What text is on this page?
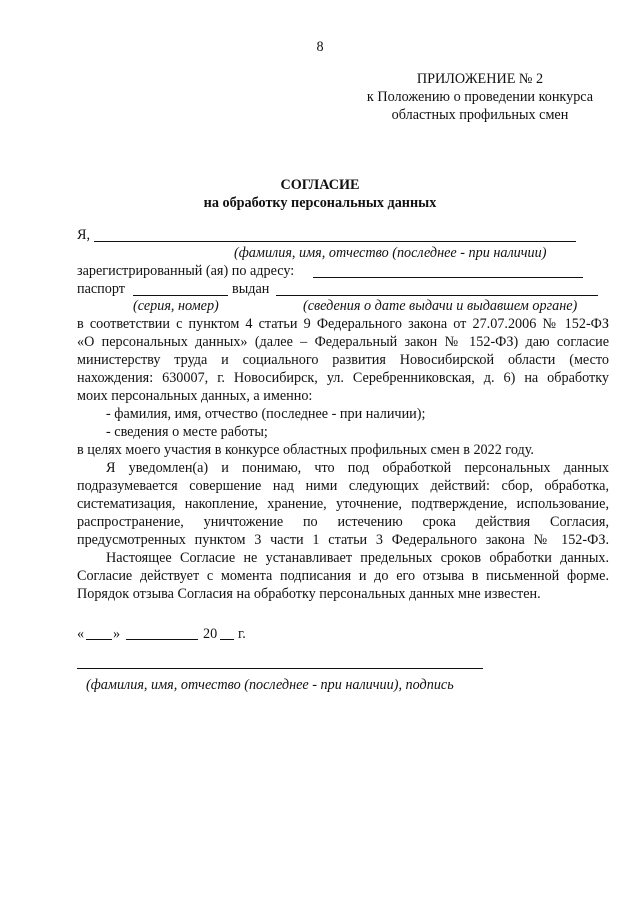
8
ПРИЛОЖЕНИЕ № 2
к Положению о проведении конкурса
областных профильных смен
СОГЛАСИЕ
на обработку персональных данных
Я,
(фамилия, имя, отчество (последнее - при наличии)
зарегистрированный (ая) по адресу:
паспорт	выдан
(серия, номер)	(сведения о дате выдачи и выдавшем органе)
в соответствии с пунктом 4 статьи 9 Федерального закона от 27.07.2006 № 152-ФЗ
«О персональных данных» (далее – Федеральный закон № 152-ФЗ) даю согласие
министерству труда и социального развития Новосибирской области (место
нахождения: 630007, г. Новосибирск, ул. Серебренниковская, д. 6) на обработку
моих персональных данных, а именно:
- фамилия, имя, отчество (последнее - при наличии);
- сведения о месте работы;
в целях моего участия в конкурсе областных профильных смен в 2022 году.
Я уведомлен(а) и понимаю, что под обработкой персональных данных
подразумевается совершение над ними следующих действий: сбор, обработка,
систематизация, накопление, хранение, уточнение, подтверждение, использование,
распространение, уничтожение по истечению срока действия Согласия,
предусмотренных пунктом 3 части 1 статьи 3 Федерального закона № 152-ФЗ.
Настоящее Согласие не устанавливает предельных сроков обработки данных.
Согласие действует с момента подписания и до его отзыва в письменной форме.
Порядок отзыва Согласия на обработку персональных данных мне известен.
« »	20 г.
(фамилия, имя, отчество (последнее - при наличии), подпись
